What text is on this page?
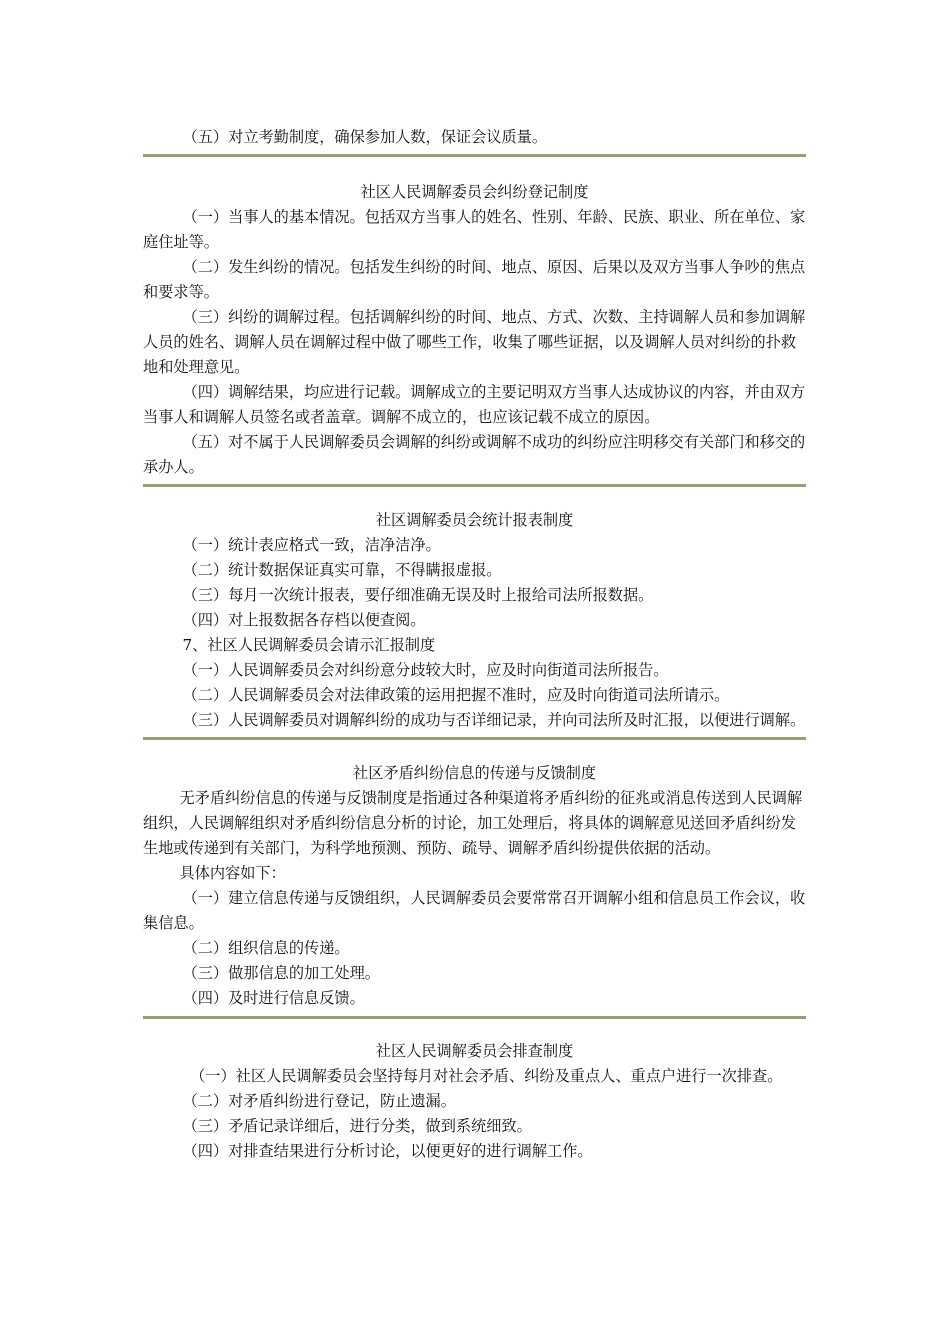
（五）对立考勤制度，确保参加人数，保证会议质量。

社区人民调解委员会纠纷登记制度

（一）当事人的基本情况。包括双方当事人的姓名、性别、年龄、民族、职业、所在单位、家庭住址等。

（二）发生纠纷的情况。包括发生纠纷的时间、地点、原因、后果以及双方当事人争吵的焦点和要求等。

（三）纠纷的调解过程。包括调解纠纷的时间、地点、方式、次数、主持调解人员和参加调解人员的姓名、调解人员在调解过程中做了哪些工作，收集了哪些证据，以及调解人员对纠纷的扑救地和处理意见。

（四）调解结果，均应进行记载。调解成立的主要记明双方当事人达成协议的内容，并由双方当事人和调解人员签名或者盖章。调解不成立的，也应该记载不成立的原因。

（五）对不属于人民调解委员会调解的纠纷或调解不成功的纠纷应注明移交有关部门和移交的承办人。

社区调解委员会统计报表制度

（一）统计表应格式一致，洁净洁净。

（二）统计数据保证真实可靠，不得瞒报虚报。

（三）每月一次统计报表，要仔细准确无误及时上报给司法所报数据。

（四）对上报数据各存档以便查阅。

7、社区人民调解委员会请示汇报制度

（一）人民调解委员会对纠纷意分歧较大时，应及时向街道司法所报告。

（二）人民调解委员会对法律政策的运用把握不准时，应及时向街道司法所请示。

（三）人民调解委员对调解纠纷的成功与否详细记录，并向司法所及时汇报，以便进行调解。

社区矛盾纠纷信息的传递与反馈制度

无矛盾纠纷信息的传递与反馈制度是指通过各种渠道将矛盾纠纷的征兆或消息传送到人民调解组织，人民调解组织对矛盾纠纷信息分析的讨论，加工处理后，将具体的调解意见送回矛盾纠纷发生地或传递到有关部门，为科学地预测、预防、疏导、调解矛盾纠纷提供依据的活动。

具体内容如下：

（一）建立信息传递与反馈组织，人民调解委员会要常常召开调解小组和信息员工作会议，收集信息。

（二）组织信息的传递。

（三）做那信息的加工处理。

（四）及时进行信息反馈。

社区人民调解委员会排查制度

（一）社区人民调解委员会坚持每月对社会矛盾、纠纷及重点人、重点户进行一次排查。

（二）对矛盾纠纷进行登记，防止遗漏。

（三）矛盾记录详细后，进行分类，做到系统细致。

（四）对排查结果进行分析讨论，以便更好的进行调解工作。
